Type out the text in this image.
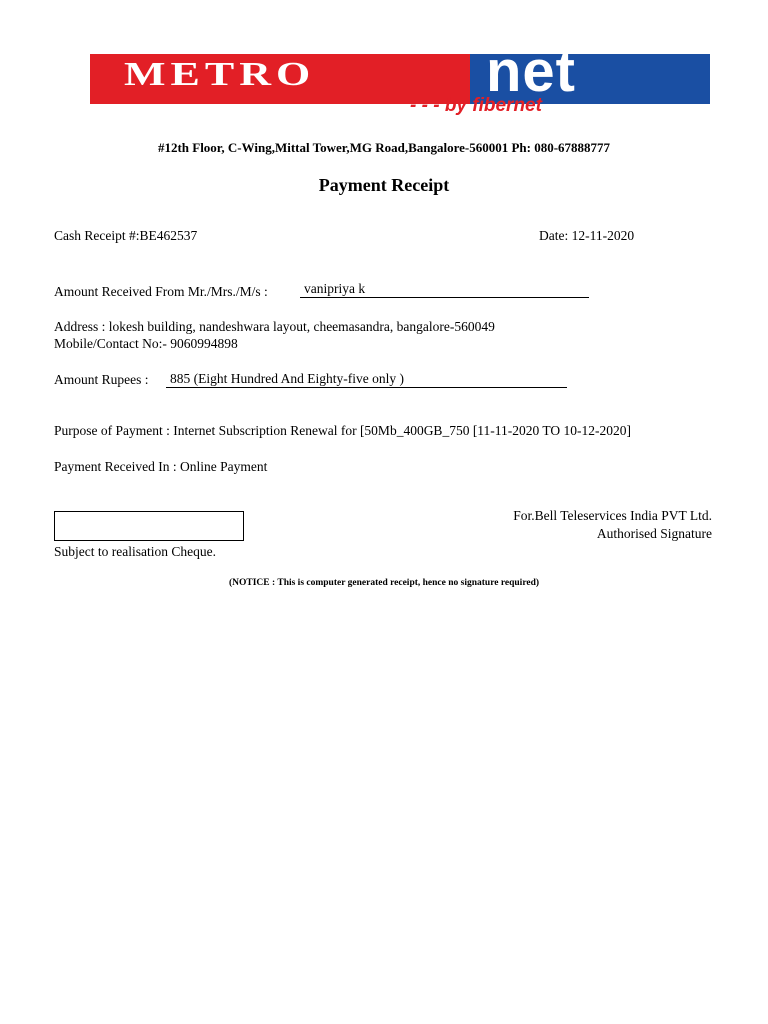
METRO	net
- - - by fibernet
#12th Floor, C-Wing,Mittal Tower,MG Road,Bangalore-560001 Ph: 080-67888777
Payment Receipt
Cash Receipt #:BE462537	Date: 12-11-2020
Amount Received From Mr./Mrs./M/s :	vanipriya k
Address : lokesh building, nandeshwara layout, cheemasandra, bangalore-560049
Mobile/Contact No:- 9060994898
Amount Rupees : 885 (Eight Hundred And Eighty-five only )
Purpose of Payment : Internet Subscription Renewal for [50Mb_400GB_750 [11-11-2020 TO 10-12-2020]
Payment Received In : Online Payment
For.Bell Teleservices India PVT Ltd.
Authorised Signature
Subject to realisation Cheque.
(NOTICE : This is computer generated receipt, hence no signature required)
